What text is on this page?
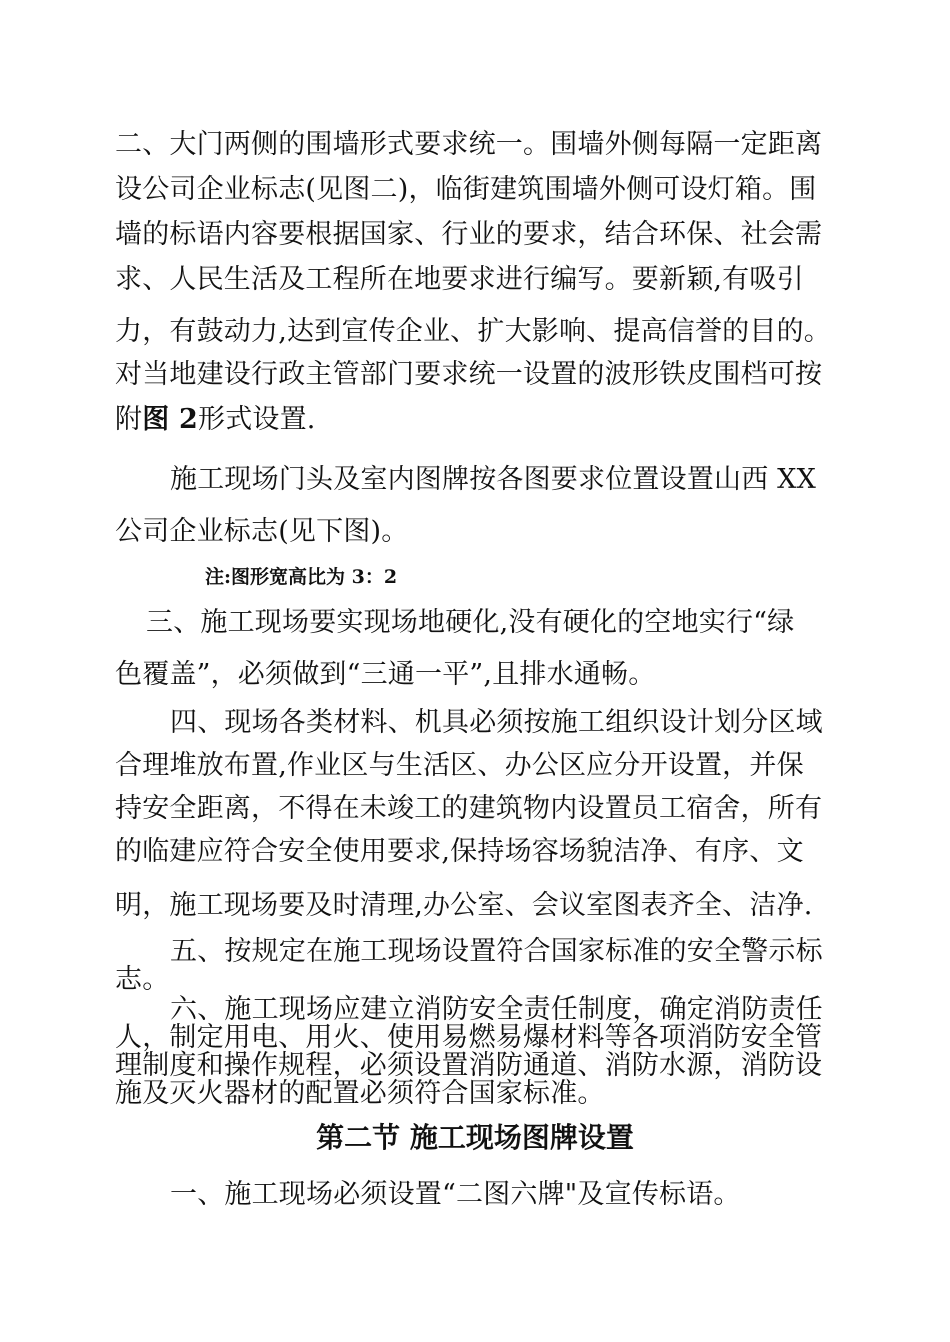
二、大门两侧的围墙形式要求统一。围墙外侧每隔一定距离
设公司企业标志(见图二)，临街建筑围墙外侧可设灯箱。围
墙的标语内容要根据国家、行业的要求，结合环保、社会需
求、人民生活及工程所在地要求进行编写。要新颖,有吸引
力，有鼓动力,达到宣传企业、扩大影响、提高信誉的目的。
对当地建设行政主管部门要求统一设置的波形铁皮围档可按
附图 2形式设置.
施工现场门头及室内图牌按各图要求位置设置山西 XX
公司企业标志(见下图)。
注:图形宽高比为 3：2
三、施工现场要实现场地硬化,没有硬化的空地实行“绿
色覆盖”，必须做到“三通一平”,且排水通畅。
四、现场各类材料、机具必须按施工组织设计划分区域
合理堆放布置,作业区与生活区、办公区应分开设置，并保
持安全距离，不得在未竣工的建筑物内设置员工宿舍，所有
的临建应符合安全使用要求,保持场容场貌洁净、有序、文
明，施工现场要及时清理,办公室、会议室图表齐全、洁净.
五、按规定在施工现场设置符合国家标准的安全警示标
志。
六、施工现场应建立消防安全责任制度，确定消防责任
人，制定用电、用火、使用易燃易爆材料等各项消防安全管
理制度和操作规程，必须设置消防通道、消防水源，消防设
施及灭火器材的配置必须符合国家标准。
第二节 施工现场图牌设置
一、施工现场必须设置“二图六牌"及宣传标语。
